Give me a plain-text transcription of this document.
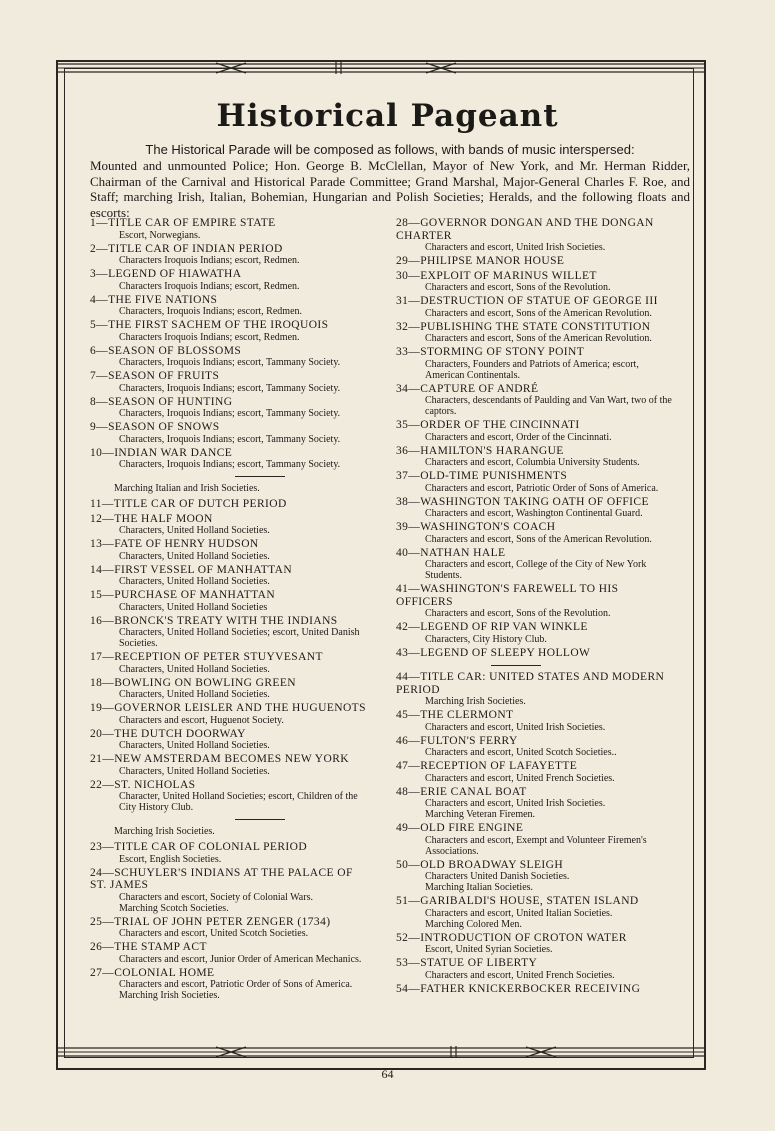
Historical Pageant
The Historical Parade will be composed as follows, with bands of music interspersed:
Mounted and unmounted Police; Hon. George B. McClellan, Mayor of New York, and Mr. Herman Ridder, Chairman of the Carnival and Historical Parade Committee; Grand Marshal, Major-General Charles F. Roe, and Staff; marching Irish, Italian, Bohemian, Hungarian and Polish Societies; Heralds, and the following floats and escorts:
1—TITLE CAR OF EMPIRE STATE
Escort, Norwegians.
2—TITLE CAR OF INDIAN PERIOD
Characters Iroquois Indians; escort, Redmen.
3—LEGEND OF HIAWATHA
Characters Iroquois Indians; escort, Redmen.
4—THE FIVE NATIONS
Characters, Iroquois Indians; escort, Redmen.
5—THE FIRST SACHEM OF THE IROQUOIS
Characters Iroquois Indians; escort, Redmen.
6—SEASON OF BLOSSOMS
Characters, Iroquois Indians; escort, Tammany Society.
7—SEASON OF FRUITS
Characters, Iroquois Indians; escort, Tammany Society.
8—SEASON OF HUNTING
Characters, Iroquois Indians; escort, Tammany Society.
9—SEASON OF SNOWS
Characters, Iroquois Indians; escort, Tammany Society.
10—INDIAN WAR DANCE
Characters, Iroquois Indians; escort, Tammany Society.
Marching Italian and Irish Societies.
11—TITLE CAR OF DUTCH PERIOD
12—THE HALF MOON
Characters, United Holland Societies.
13—FATE OF HENRY HUDSON
Characters, United Holland Societies.
14—FIRST VESSEL OF MANHATTAN
Characters, United Holland Societies.
15—PURCHASE OF MANHATTAN
Characters, United Holland Societies
16—BRONCK'S TREATY WITH THE INDIANS
Characters, United Holland Societies; escort, United Danish Societies.
17—RECEPTION OF PETER STUYVESANT
Characters, United Holland Societies.
18—BOWLING ON BOWLING GREEN
Characters, United Holland Societies.
19—GOVERNOR LEISLER AND THE HUGUENOTS
Characters and escort, Huguenot Society.
20—THE DUTCH DOORWAY
Characters, United Holland Societies.
21—NEW AMSTERDAM BECOMES NEW YORK
Characters, United Holland Societies.
22—ST. NICHOLAS
Character, United Holland Societies; escort, Children of the City History Club.
Marching Irish Societies.
23—TITLE CAR OF COLONIAL PERIOD
Escort, English Societies.
24—SCHUYLER'S INDIANS AT THE PALACE OF ST. JAMES
Characters and escort, Society of Colonial Wars.
Marching Scotch Societies.
25—TRIAL OF JOHN PETER ZENGER (1734)
Characters and escort, United Scotch Societies.
26—THE STAMP ACT
Characters and escort, Junior Order of American Mechanics.
27—COLONIAL HOME
Characters and escort, Patriotic Order of Sons of America.
Marching Irish Societies.
28—GOVERNOR DONGAN AND THE DONGAN CHARTER
Characters and escort, United Irish Societies.
29—PHILIPSE MANOR HOUSE
30—EXPLOIT OF MARINUS WILLET
Characters and escort, Sons of the Revolution.
31—DESTRUCTION OF STATUE OF GEORGE III
Characters and escort, Sons of the American Revolution.
32—PUBLISHING THE STATE CONSTITUTION
Characters and escort, Sons of the American Revolution.
33—STORMING OF STONY POINT
Characters, Founders and Patriots of America; escort, American Continentals.
34—CAPTURE OF ANDRÉ
Characters, descendants of Paulding and Van Wart, two of the captors.
35—ORDER OF THE CINCINNATI
Characters and escort, Order of the Cincinnati.
36—HAMILTON'S HARANGUE
Characters and escort, Columbia University Students.
37—OLD-TIME PUNISHMENTS
Characters and escort, Patriotic Order of Sons of America.
38—WASHINGTON TAKING OATH OF OFFICE
Characters and escort, Washington Continental Guard.
39—WASHINGTON'S COACH
Characters and escort, Sons of the American Revolution.
40—NATHAN HALE
Characters and escort, College of the City of New York Students.
41—WASHINGTON'S FAREWELL TO HIS OFFICERS
Characters and escort, Sons of the Revolution.
42—LEGEND OF RIP VAN WINKLE
Characters, City History Club.
43—LEGEND OF SLEEPY HOLLOW
44—TITLE CAR: UNITED STATES AND MODERN PERIOD
Marching Irish Societies.
45—THE CLERMONT
Characters and escort, United Irish Societies.
46—FULTON'S FERRY
Characters and escort, United Scotch Societies..
47—RECEPTION OF LAFAYETTE
Characters and escort, United French Societies.
48—ERIE CANAL BOAT
Characters and escort, United Irish Societies.
Marching Veteran Firemen.
49—OLD FIRE ENGINE
Characters and escort, Exempt and Volunteer Firemen's Associations.
50—OLD BROADWAY SLEIGH
Characters United Danish Societies.
Marching Italian Societies.
51—GARIBALDI'S HOUSE, STATEN ISLAND
Characters and escort, United Italian Societies.
Marching Colored Men.
52—INTRODUCTION OF CROTON WATER
Escort, United Syrian Societies.
53—STATUE OF LIBERTY
Characters and escort, United French Societies.
54—FATHER KNICKERBOCKER RECEIVING
64
